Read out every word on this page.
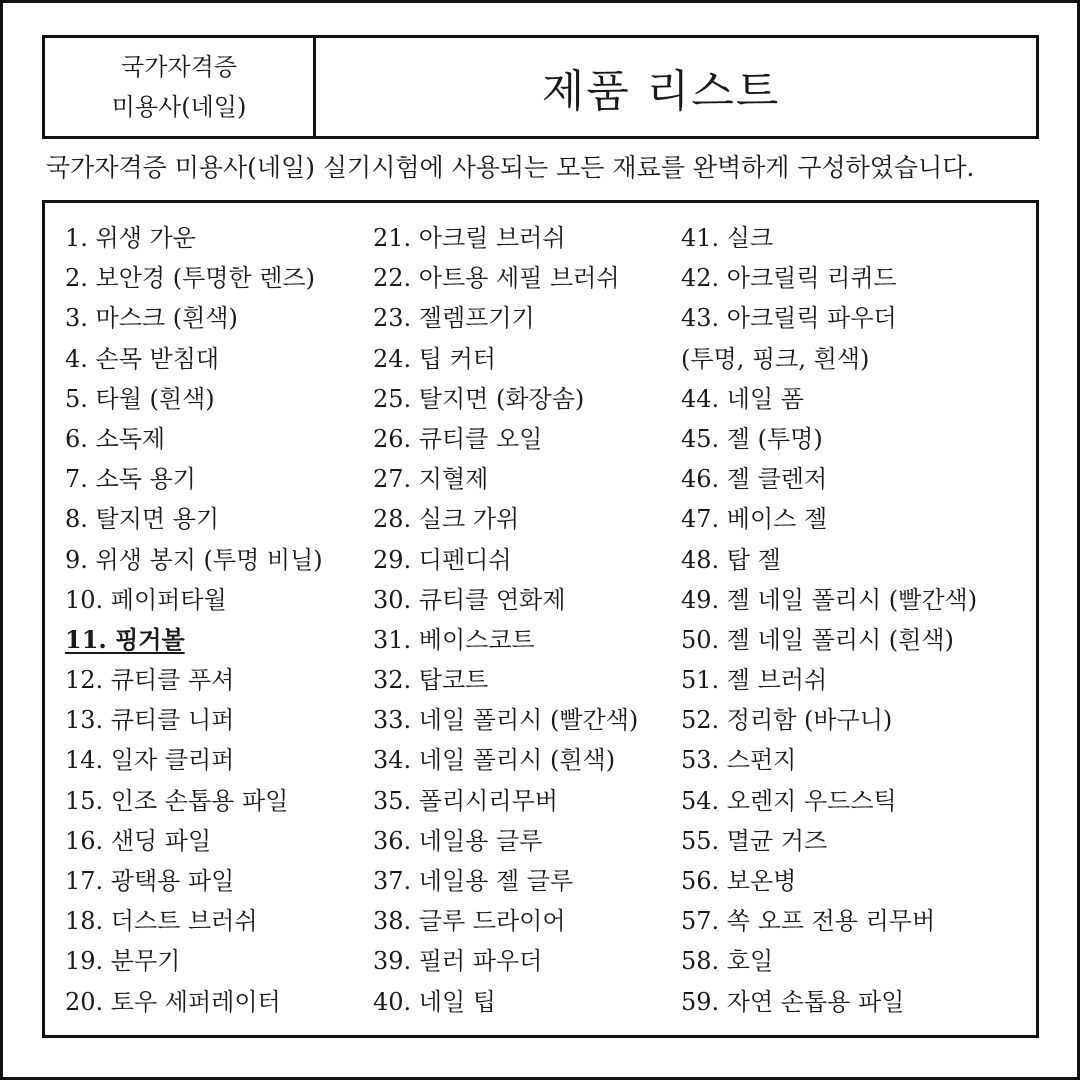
국가자격증
미용사(네일)	제품 리스트
국가자격증 미용사(네일) 실기시험에 사용되는 모든 재료를 완벽하게 구성하였습니다.
1. 위생 가운
2. 보안경 (투명한 렌즈)
3. 마스크 (흰색)
4. 손목 받침대
5. 타월 (흰색)
6. 소독제
7. 소독 용기
8. 탈지면 용기
9. 위생 봉지 (투명 비닐)
10. 페이퍼타월
11. 핑거볼
12. 큐티클 푸셔
13. 큐티클 니퍼
14. 일자 클리퍼
15. 인조 손톱용 파일
16. 샌딩 파일
17. 광택용 파일
18. 더스트 브러쉬
19. 분무기
20. 토우 세퍼레이터
21. 아크릴 브러쉬
22. 아트용 세필 브러쉬
23. 젤렘프기기
24. 팁 커터
25. 탈지면 (화장솜)
26. 큐티클 오일
27. 지혈제
28. 실크 가위
29. 디펜디쉬
30. 큐티클 연화제
31. 베이스코트
32. 탑코트
33. 네일 폴리시 (빨간색)
34. 네일 폴리시 (흰색)
35. 폴리시리무버
36. 네일용 글루
37. 네일용 젤 글루
38. 글루 드라이어
39. 필러 파우더
40. 네일 팁
41. 실크
42. 아크릴릭 리퀴드
43. 아크릴릭 파우더
(투명, 핑크, 흰색)
44. 네일 폼
45. 젤 (투명)
46. 젤 클렌저
47. 베이스 젤
48. 탑 젤
49. 젤 네일 폴리시 (빨간색)
50. 젤 네일 폴리시 (흰색)
51. 젤 브러쉬
52. 정리함 (바구니)
53. 스펀지
54. 오렌지 우드스틱
55. 멸균 거즈
56. 보온병
57. 쏙 오프 전용 리무버
58. 호일
59. 자연 손톱용 파일
